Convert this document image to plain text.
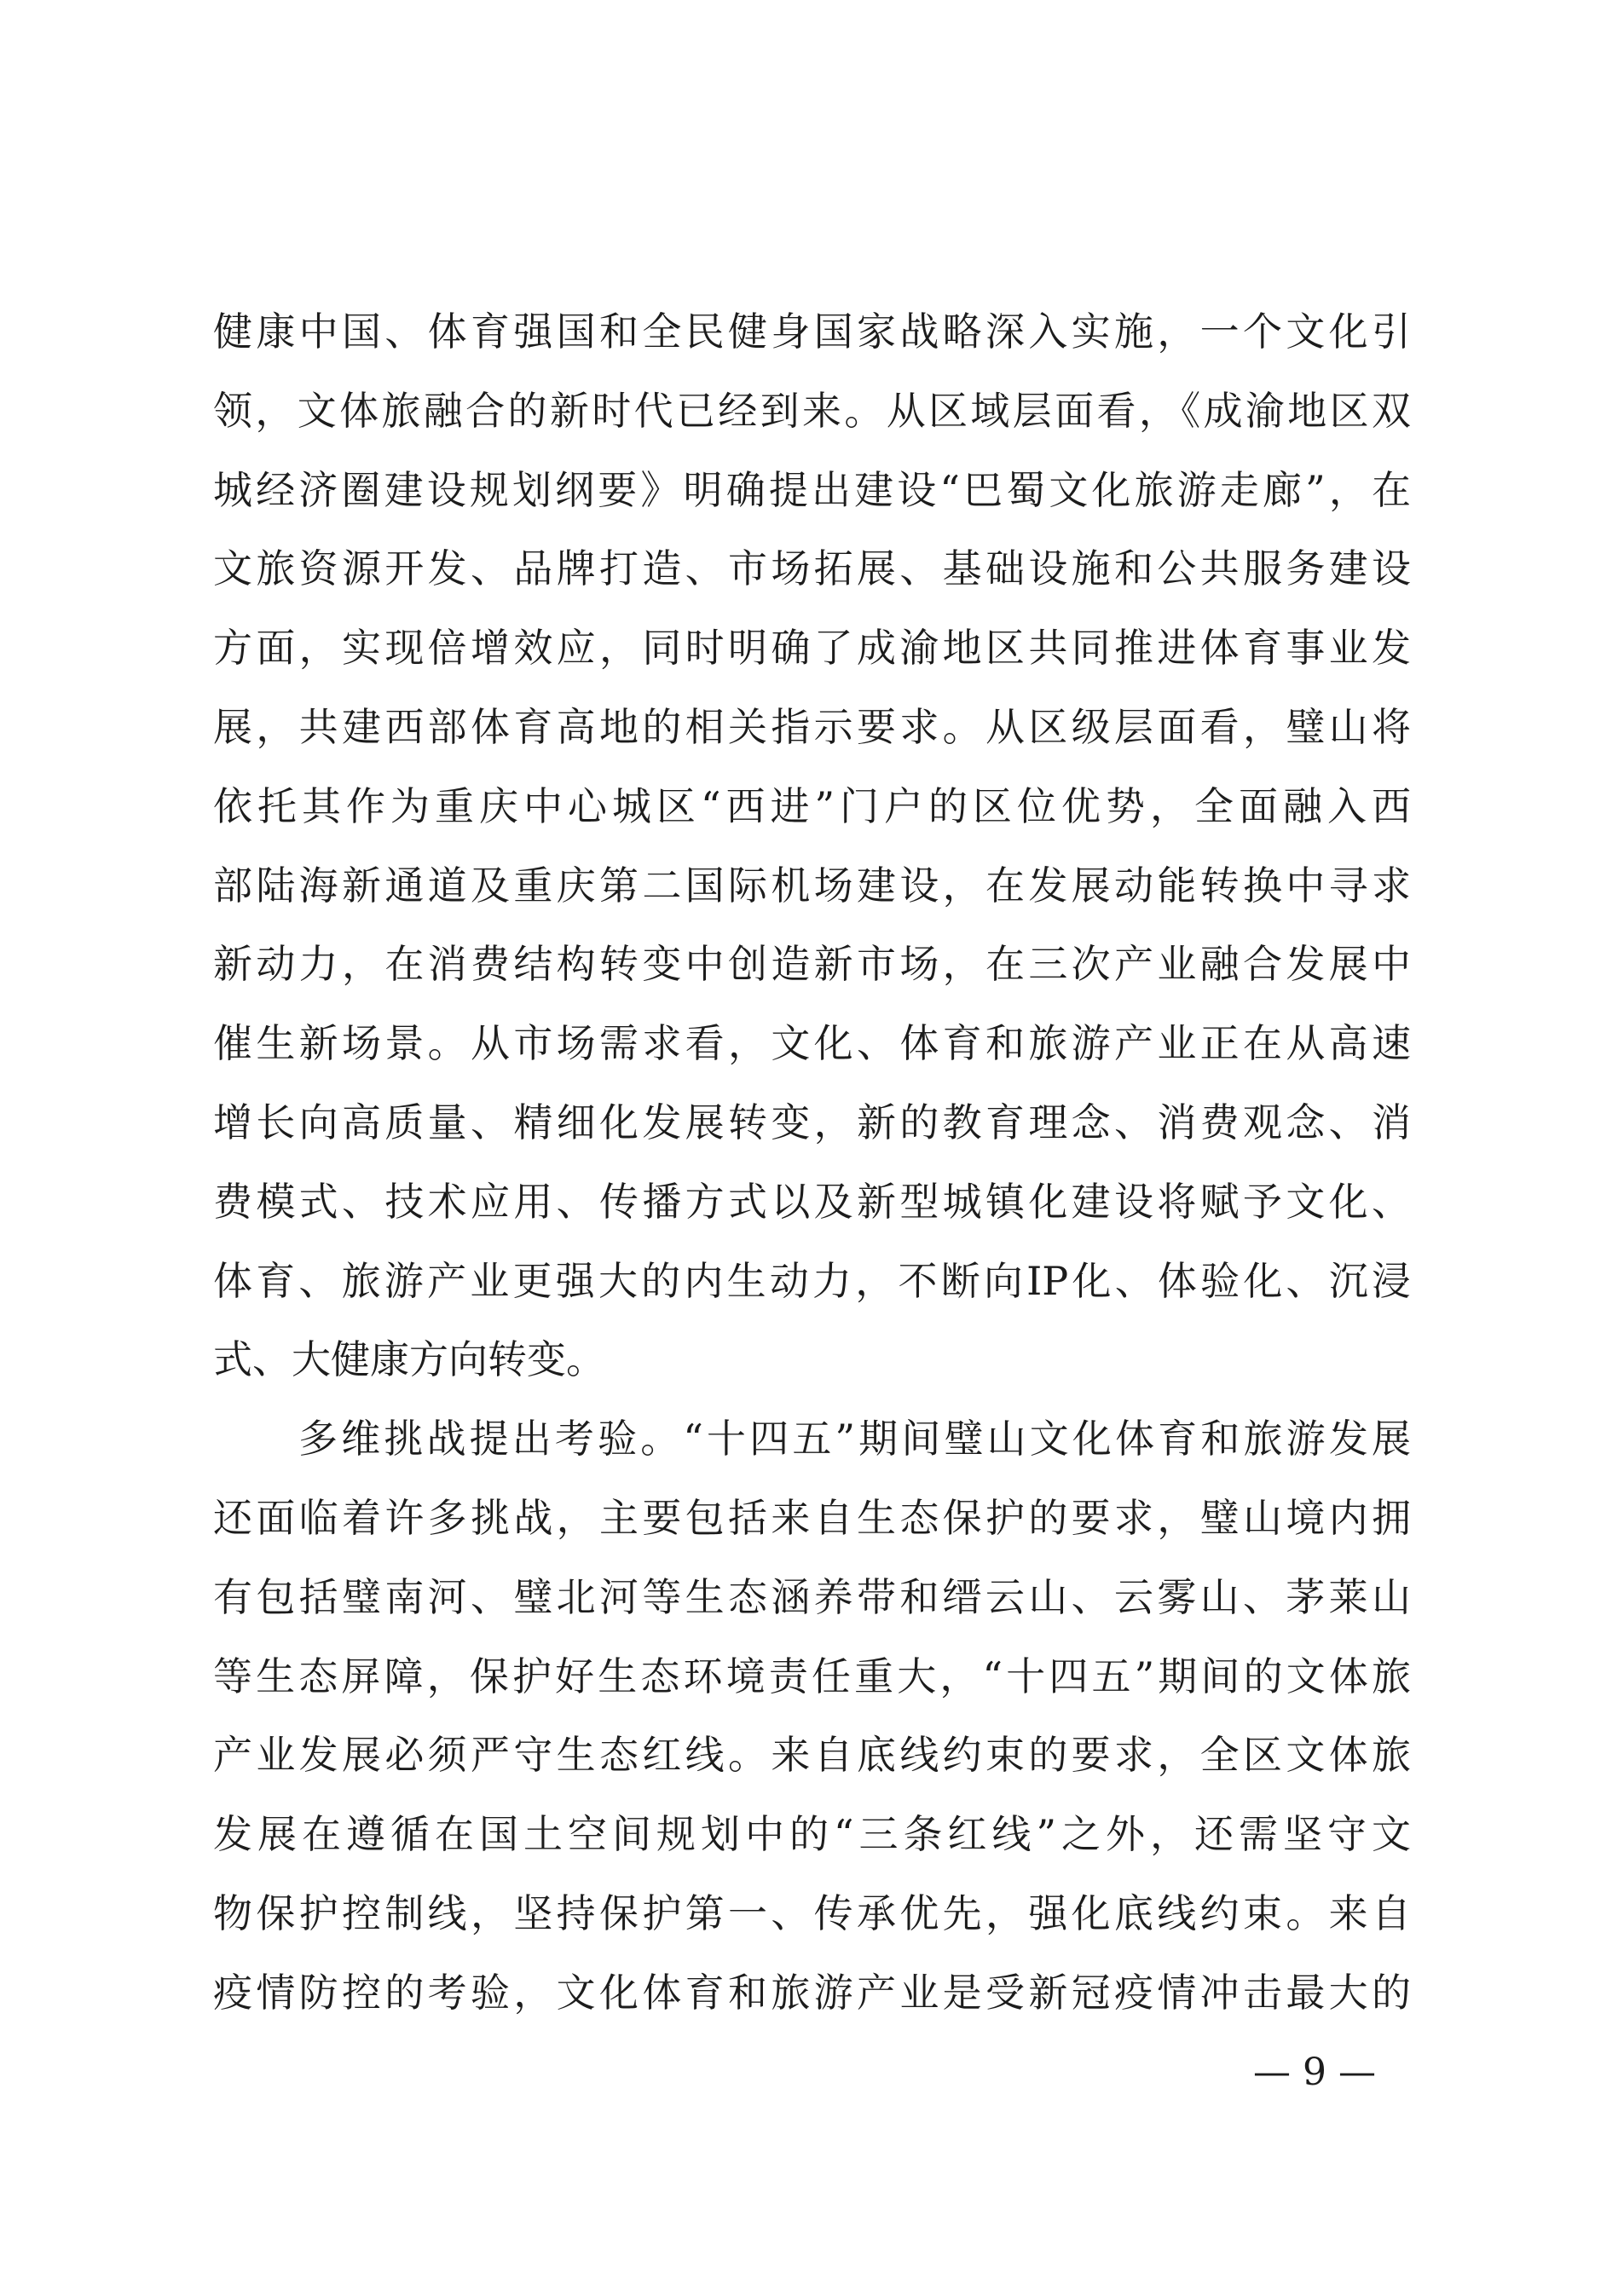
健康中国、体育强国和全民健身国家战略深入实施，一个文化引
领，文体旅融合的新时代已经到来。从区域层面看，《成渝地区双
城经济圈建设规划纲要》明确提出建设“巴蜀文化旅游走廊”，在
文旅资源开发、品牌打造、市场拓展、基础设施和公共服务建设
方面，实现倍增效应，同时明确了成渝地区共同推进体育事业发
展，共建西部体育高地的相关指示要求。从区级层面看，璧山将
依托其作为重庆中心城区“西进”门户的区位优势，全面融入西
部陆海新通道及重庆第二国际机场建设，在发展动能转换中寻求
新动力，在消费结构转变中创造新市场，在三次产业融合发展中
催生新场景。从市场需求看，文化、体育和旅游产业正在从高速
增长向高质量、精细化发展转变，新的教育理念、消费观念、消
费模式、技术应用、传播方式以及新型城镇化建设将赋予文化、
体育、旅游产业更强大的内生动力，不断向IP化、体验化、沉浸
式、大健康方向转变。
多维挑战提出考验。“十四五”期间璧山文化体育和旅游发展
还面临着许多挑战，主要包括来自生态保护的要求，璧山境内拥
有包括璧南河、璧北河等生态涵养带和缙云山、云雾山、茅莱山
等生态屏障，保护好生态环境责任重大，“十四五”期间的文体旅
产业发展必须严守生态红线。来自底线约束的要求，全区文体旅
发展在遵循在国土空间规划中的“三条红线”之外，还需坚守文
物保护控制线，坚持保护第一、传承优先，强化底线约束。来自
疫情防控的考验，文化体育和旅游产业是受新冠疫情冲击最大的
— 9 —
